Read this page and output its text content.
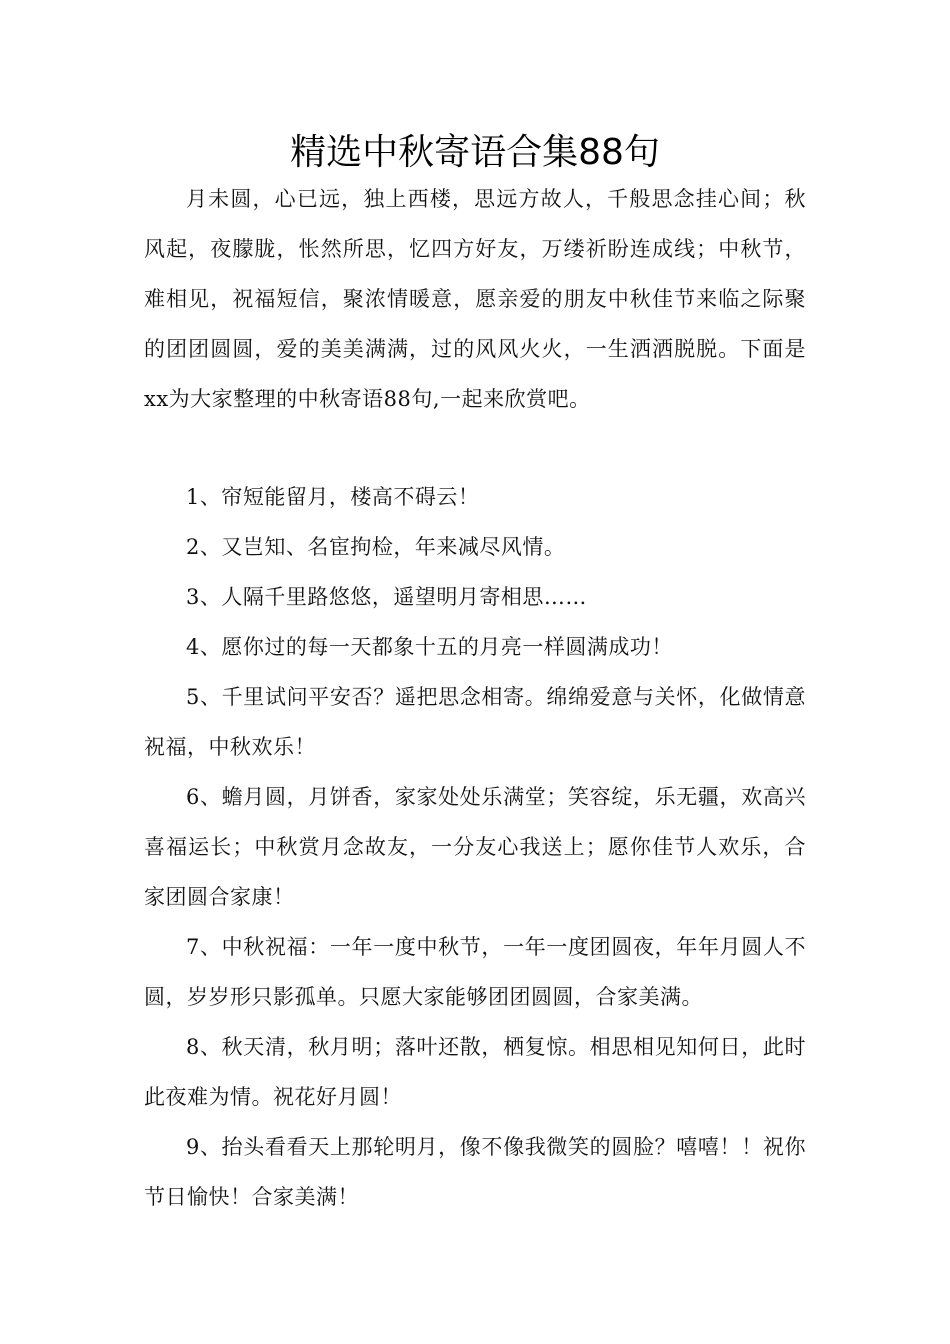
精选中秋寄语合集88句

月未圆，心已远，独上西楼，思远方故人，千般思念挂心间；秋风起，夜朦胧，怅然所思，忆四方好友，万缕祈盼连成线；中秋节，难相见，祝福短信，聚浓情暖意，愿亲爱的朋友中秋佳节来临之际聚的团团圆圆，爱的美美满满，过的风风火火，一生洒洒脱脱。下面是xx为大家整理的中秋寄语88句,一起来欣赏吧。

1、帘短能留月，楼高不碍云！

2、又岂知、名宦拘检，年来减尽风情。

3、人隔千里路悠悠，遥望明月寄相思……

4、愿你过的每一天都象十五的月亮一样圆满成功！

5、千里试问平安否？遥把思念相寄。绵绵爱意与关怀，化做情意祝福，中秋欢乐！

6、蟾月圆，月饼香，家家处处乐满堂；笑容绽，乐无疆，欢高兴喜福运长；中秋赏月念故友，一分友心我送上；愿你佳节人欢乐，合家团圆合家康！

7、中秋祝福：一年一度中秋节，一年一度团圆夜，年年月圆人不圆，岁岁形只影孤单。只愿大家能够团团圆圆，合家美满。

8、秋天清，秋月明；落叶还散，栖复惊。相思相见知何日，此时此夜难为情。祝花好月圆！

9、抬头看看天上那轮明月，像不像我微笑的圆脸？嘻嘻！！祝你节日愉快！合家美满！
